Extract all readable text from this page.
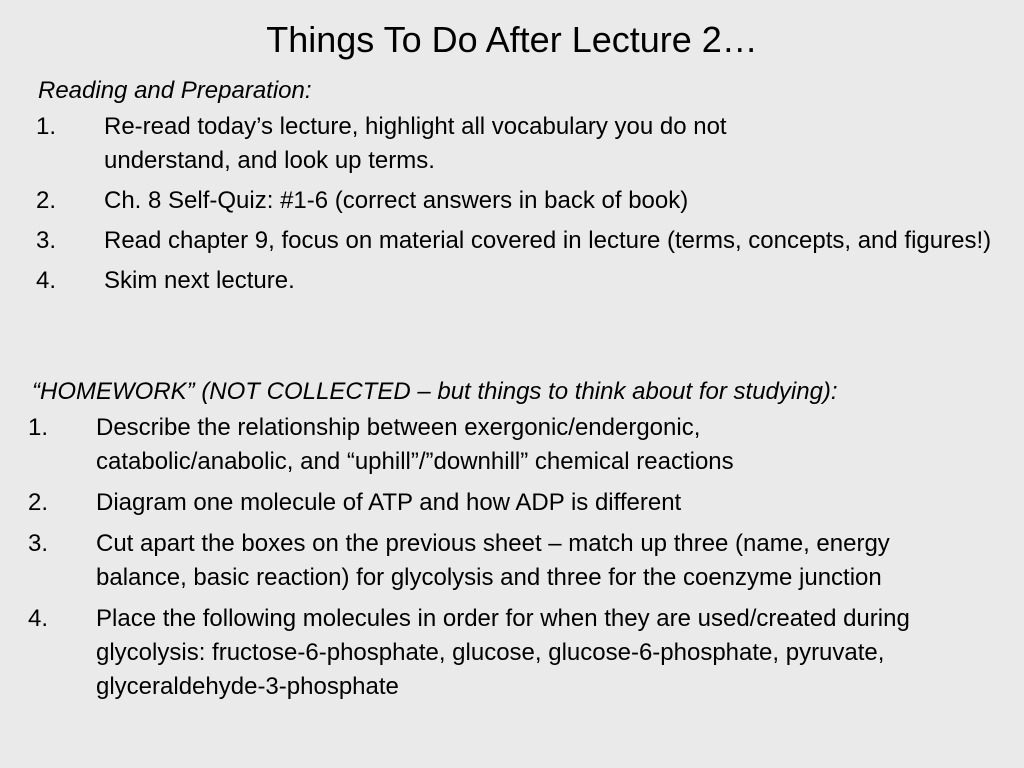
Things To Do After Lecture 2…

Reading and Preparation:

1.	Re-read today’s lecture, highlight all vocabulary you do not understand, and look up terms.
2.	Ch. 8 Self-Quiz: #1-6 (correct answers in back of book)
3.	Read chapter 9, focus on material covered in lecture (terms, concepts, and figures!)
4.	Skim next lecture.

“HOMEWORK” (NOT COLLECTED – but things to think about for studying):

1.	Describe the relationship between exergonic/endergonic, catabolic/anabolic, and “uphill”/”downhill” chemical reactions
2.	Diagram one molecule of ATP and how ADP is different
3.	Cut apart the boxes on the previous sheet – match up three (name, energy balance, basic reaction) for glycolysis and three for the coenzyme junction
4.	Place the following molecules in order for when they are used/created during glycolysis: fructose-6-phosphate, glucose, glucose-6-phosphate, pyruvate, glyceraldehyde-3-phosphate
